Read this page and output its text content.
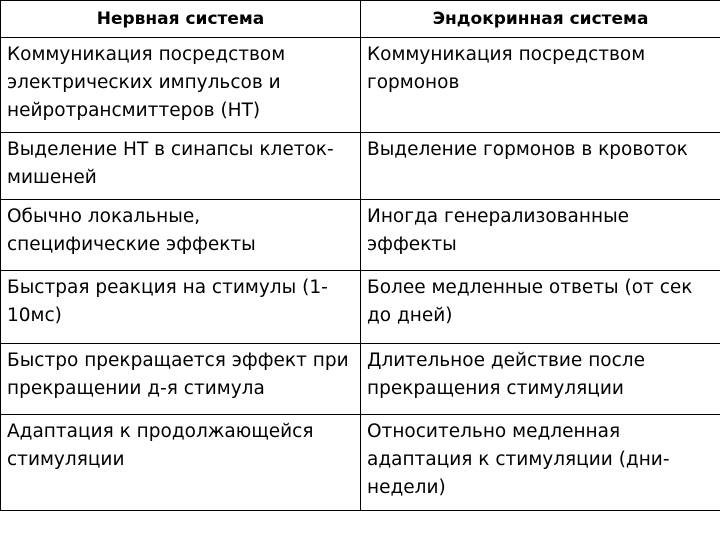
Нервная система	Эндокринная система
Коммуникация посредством электрических импульсов и нейротрансмиттеров (НТ)	Коммуникация посредством гормонов
Выделение НТ в синапсы клеток-мишеней	Выделение гормонов в кровоток
Обычно локальные, специфические эффекты	Иногда генерализованные эффекты
Быстрая реакция на стимулы (1-10мс)	Более медленные ответы (от сек до дней)
Быстро прекращается эффект при прекращении д-я стимула	Длительное действие после прекращения стимуляции
Адаптация к продолжающейся стимуляции	Относительно медленная адаптация к стимуляции (дни-недели)
